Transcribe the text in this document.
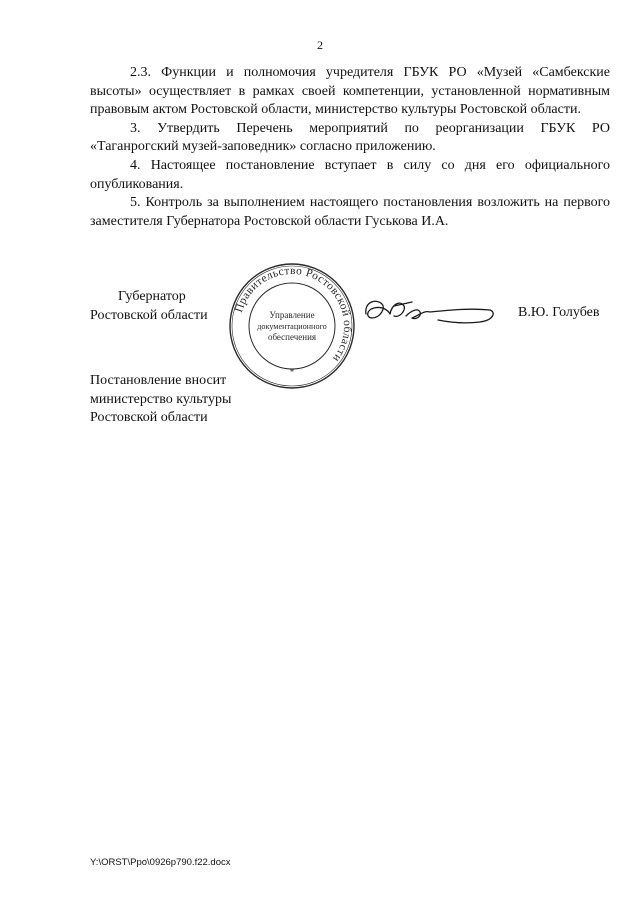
2

2.3. Функции и полномочия учредителя ГБУК РО «Музей «Самбекские высоты» осуществляет в рамках своей компетенции, установленной нормативным правовым актом Ростовской области, министерство культуры Ростовской области.

3. Утвердить Перечень мероприятий по реорганизации ГБУК РО «Таганрогский музей-заповедник» согласно приложению.

4. Настоящее постановление вступает в силу со дня его официального опубликования.

5. Контроль за выполнением настоящего постановления возложить на первого заместителя Губернатора Ростовской области Гуськова И.А.

Губернатор
Ростовской области Правительство Ростовской области
Управление
документационного
обеспечения
*
В.Ю. Голубев
Постановление вносит
министерство культуры
Ростовской области
Y:\ORST\Ppo\0926p790.f22.docx
